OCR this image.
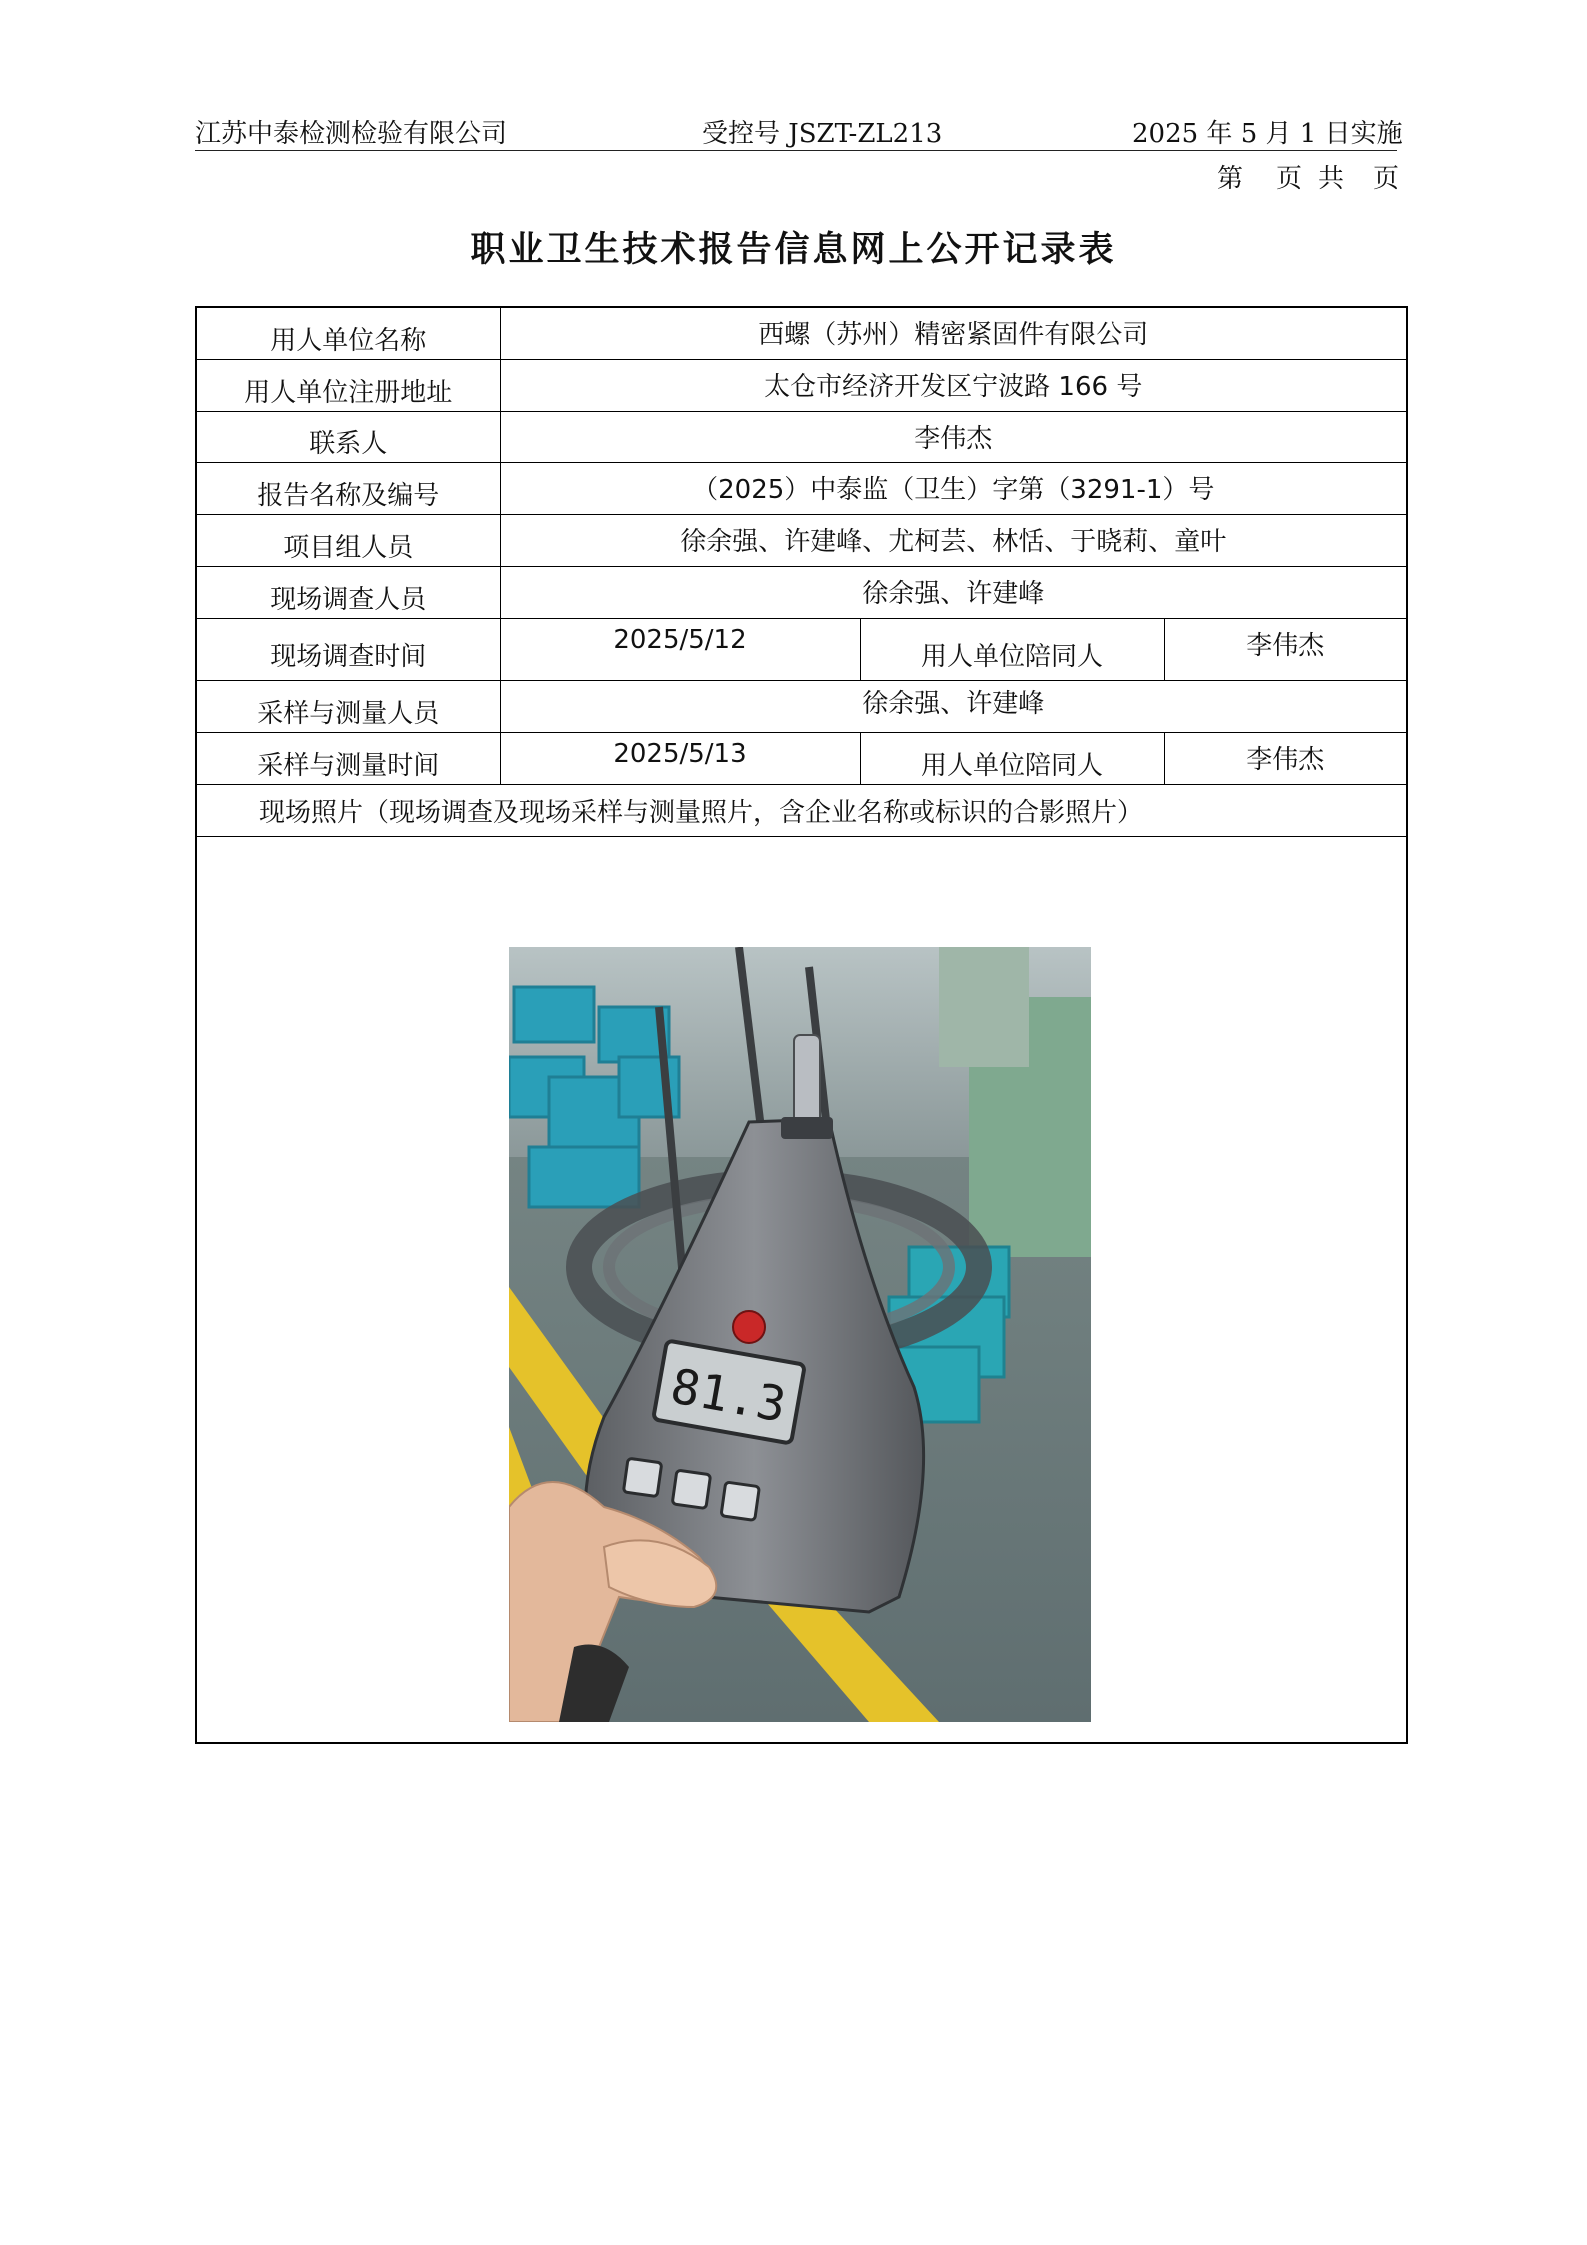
江苏中泰检测检验有限公司	受控号 JSZT-ZL213	2025 年 5 月 1 日实施
第 页 共 页
职业卫生技术报告信息网上公开记录表
用人单位名称	西螺（苏州）精密紧固件有限公司		
用人单位注册地址	太仓市经济开发区宁波路 166 号		
联系人	李伟杰		
报告名称及编号	（2025）中泰监（卫生）字第（3291-1）号		
项目组人员	徐余强、许建峰、尤柯芸、林恬、于晓莉、童叶		
现场调查人员	徐余强、许建峰		
现场调查时间	2025/5/12	用人单位陪同人	李伟杰
采样与测量人员	徐余强、许建峰		
采样与测量时间	2025/5/13	用人单位陪同人	李伟杰
现场照片（现场调查及现场采样与测量照片，含企业名称或标识的合影照片）			

81.3			
